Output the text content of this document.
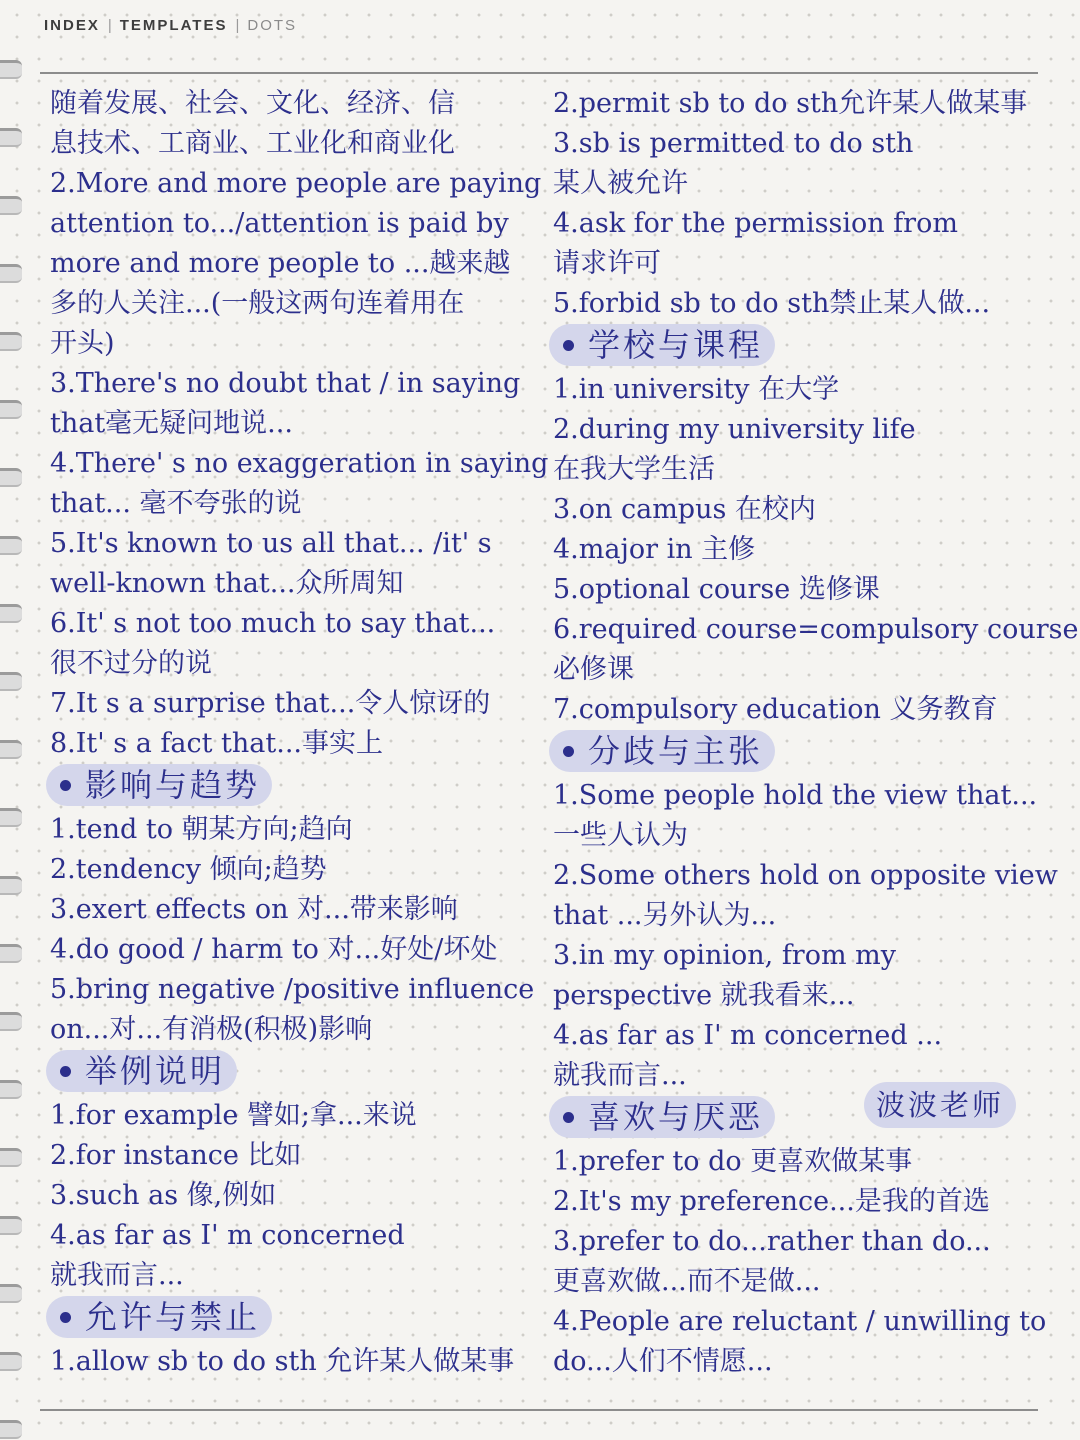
INDEX | TEMPLATES | DOTS
随着发展、社会、文化、经济、信
息技术、工商业、工业化和商业化
2.More and more people are paying
attention to.../attention is paid by
more and more people to ...越来越
多的人关注...(一般这两句连着用在
开头)
3.There's no doubt that / in saying
that毫无疑问地说...
4.There' s no exaggeration in saying
that... 毫不夸张的说
5.It's known to us all that... /it' s
well-known that...众所周知
6.It' s not too much to say that...
很不过分的说
7.It s a surprise that...令人惊讶的
8.It' s a fact that...事实上
影响与趋势
1.tend to 朝某方向;趋向
2.tendency 倾向;趋势
3.exert effects on 对...带来影响
4.do good / harm to 对...好处/坏处
5.bring negative /positive influence
on...对...有消极(积极)影响
举例说明
1.for example 譬如;拿...来说
2.for instance 比如
3.such as 像,例如
4.as far as I' m concerned
就我而言...
允许与禁止
1.allow sb to do sth 允许某人做某事
2.permit sb to do sth允许某人做某事
3.sb is permitted to do sth
某人被允许
4.ask for the permission from
请求许可
5.forbid sb to do sth禁止某人做...
学校与课程
1.in university 在大学
2.during my university life
在我大学生活
3.on campus 在校内
4.major in 主修
5.optional course 选修课
6.required course=compulsory course
必修课
7.compulsory education 义务教育
分歧与主张
1.Some people hold the view that...
一些人认为
2.Some others hold on opposite view
that ...另外认为...
3.in my opinion, from my
perspective 就我看来...
4.as far as I' m concerned ...
就我而言...
喜欢与厌恶
1.prefer to do 更喜欢做某事
2.It's my preference...是我的首选
3.prefer to do...rather than do...
更喜欢做...而不是做...
4.People are reluctant / unwilling to
do...人们不情愿...
波波老师
